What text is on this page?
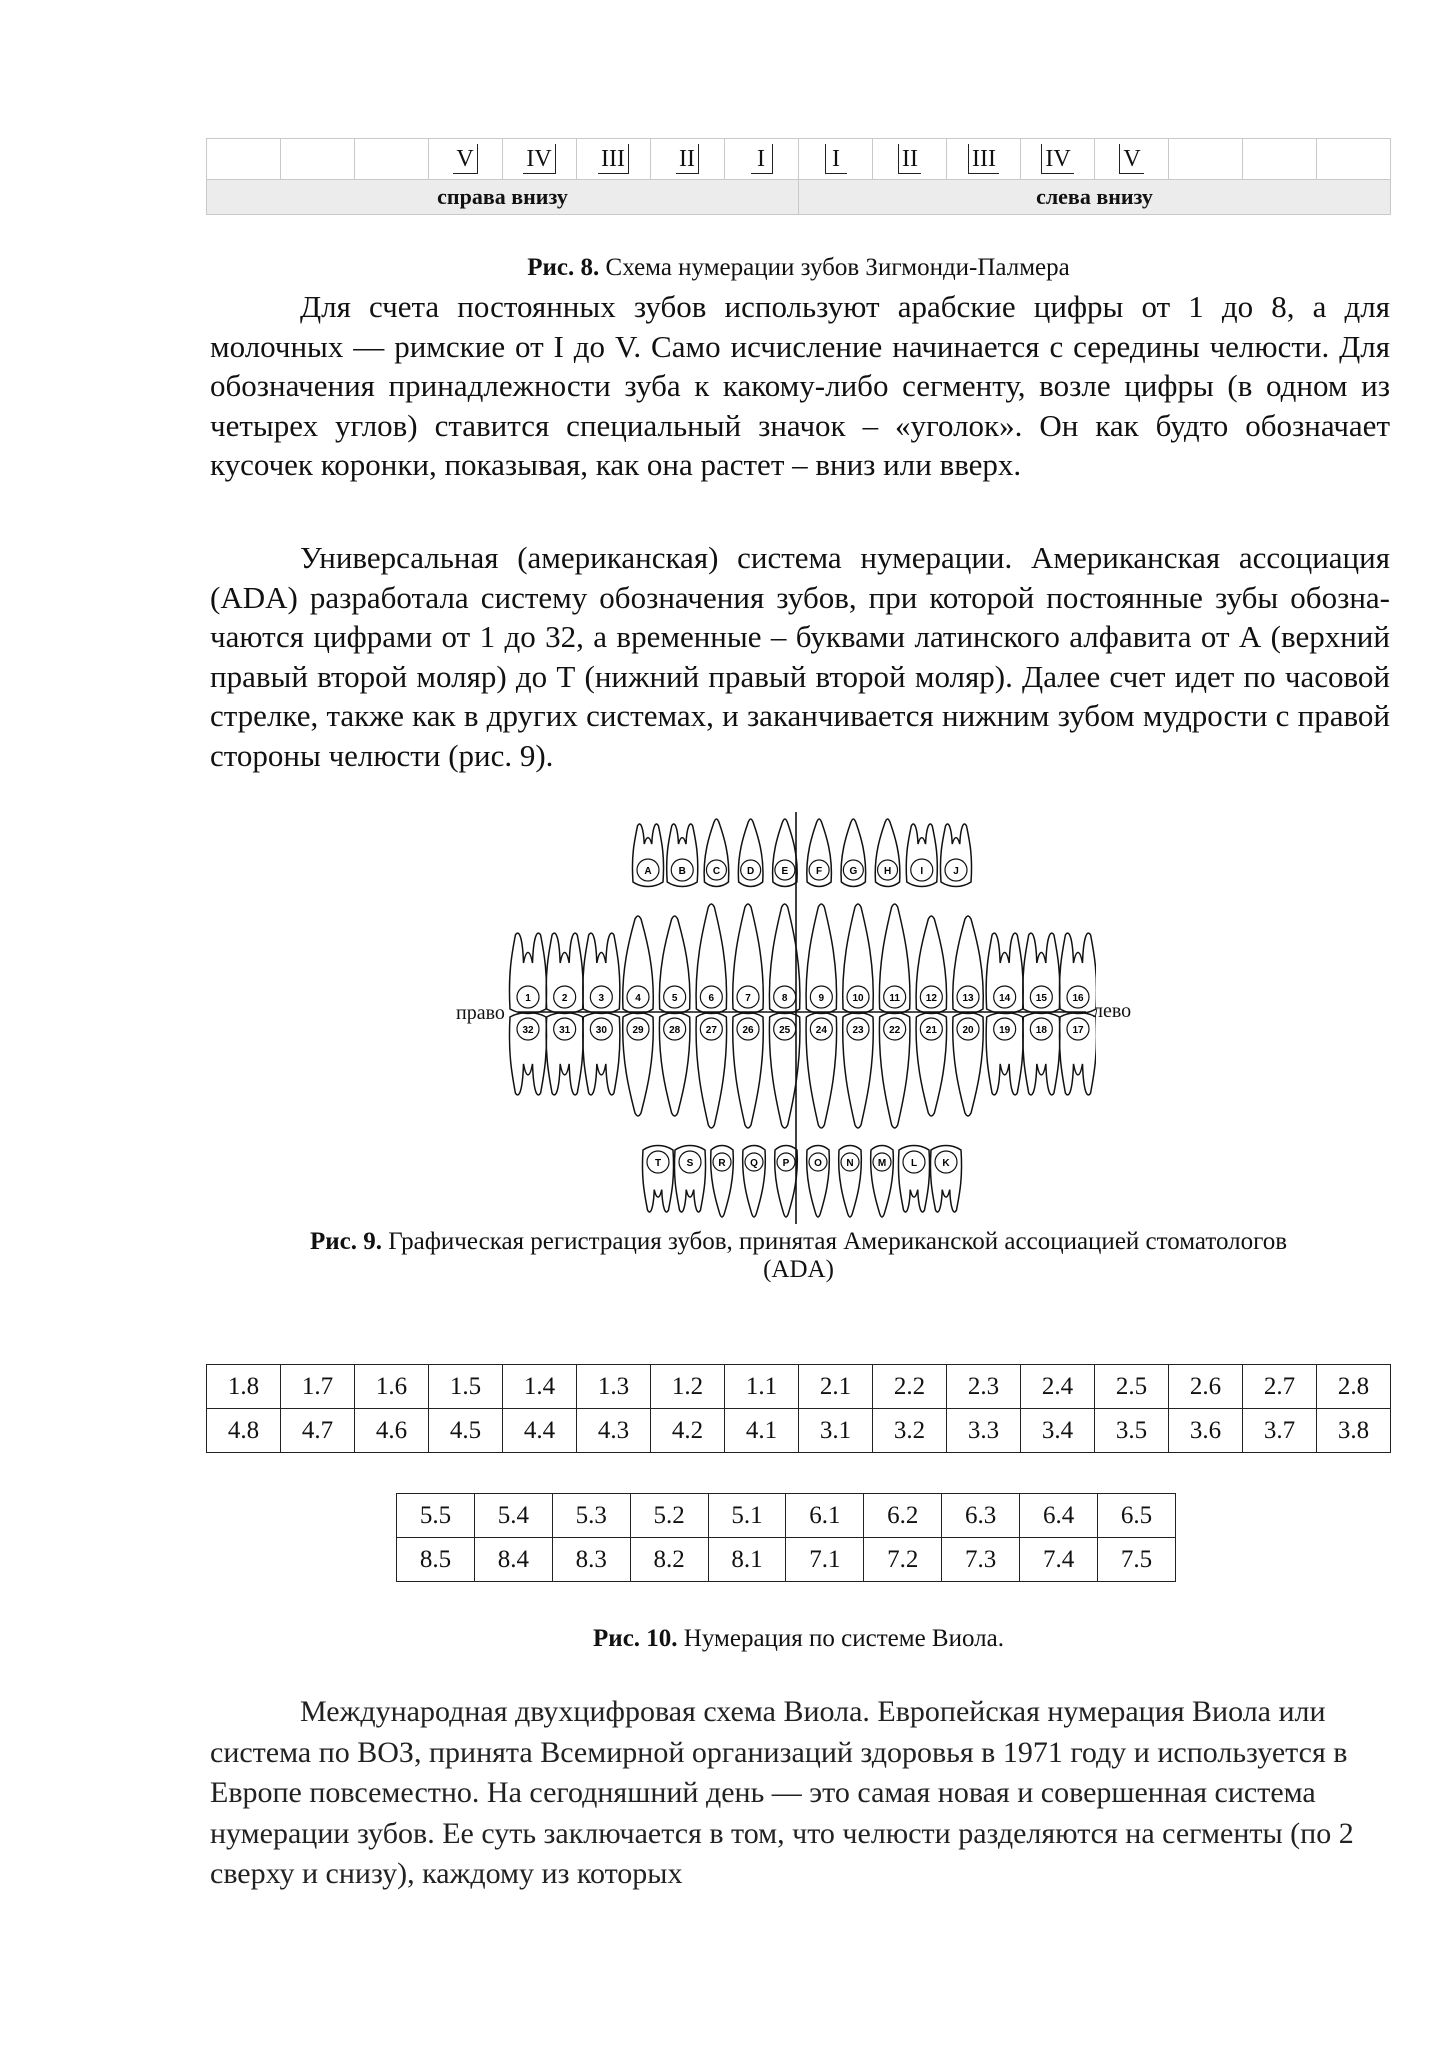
			V	IV	III	II	I	I	II	III	IV	V			
справа внизу								слева внизу							
Рис. 8. Схема нумерации зубов Зигмонди-Палмера

Для счета постоянных зубов используют арабские цифры от 1 до 8, а для молочных — римские от I до V. Само исчисление начинается с середины челюсти. Для обозначения принадлежности зуба к какому-либо сегменту, возле цифры (в одном из четырех углов) ставится специальный значок – «уголок». Он как будто обозначает кусочек коронки, показывая, как она растет – вниз или вверх.

Универсальная (американская) система нумерации. Американская ассоциация (ADA) разработала систему обозначения зубов, при которой постоянные зубы обозна-чаются цифрами от 1 до 32, а временные – буквами латинского алфавита от А (верхний правый второй моляр) до Т (нижний правый второй моляр). Далее счет идет по часовой стрелке, также как в других системах, и заканчивается нижним зубом мудрости с правой стороны челюсти (рис. 9).

право	лево
A	B	C	D	E	F	G	H	I	J
1	2	3	4	5	6	7	8	9	10	11	12	13	14	15	16
32	31	30	29	28	27	26	25	24	23	22	21	20	19	18	17
T	S	R Q P O N M L	K
Рис. 9. Графическая регистрация зубов, принятая Американской ассоциацией стоматологов
(ADA)
1.8	1.7	1.6	1.5	1.4	1.3	1.2	1.1	2.1	2.2	2.3	2.4	2.5	2.6	2.7	2.8
4.8	4.7	4.6	4.5	4.4	4.3	4.2	4.1	3.1	3.2	3.3	3.4	3.5	3.6	3.7	3.8
5.5	5.4	5.3	5.2	5.1	6.1	6.2	6.3	6.4	6.5
8.5	8.4	8.3	8.2	8.1	7.1	7.2	7.3	7.4	7.5
Рис. 10. Нумерация по системе Виола.

Международная двухцифровая схема Виола. Европейская нумерация Виола или система по ВОЗ, принята Всемирной организаций здоровья в 1971 году и используется в Европе повсеместно. На сегодняшний день — это самая новая и совершенная система нумерации зубов. Ее суть заключается в том, что челюсти разделяются на сегменты (по 2 сверху и снизу), каждому из которых
